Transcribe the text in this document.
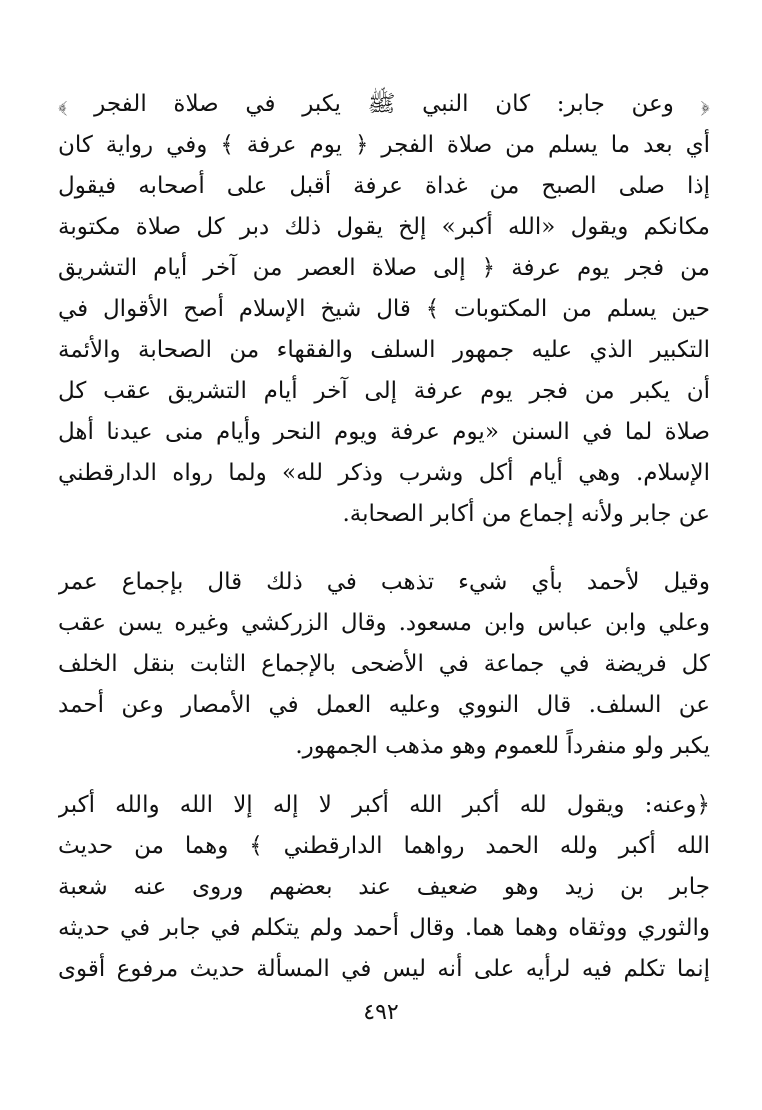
﴿ وعن جابر: كان النبي ﷺ يكبر في صلاة الفجر ﴾
أي بعد ما يسلم من صلاة الفجر ﴿ يوم عرفة ﴾ وفي رواية كان
إذا صلى الصبح من غداة عرفة أقبل على أصحابه فيقول
مكانكم ويقول «الله أكبر» إلخ يقول ذلك دبر كل صلاة مكتوبة
من فجر يوم عرفة ﴿ إلى صلاة العصر من آخر أيام التشريق
حين يسلم من المكتوبات ﴾ قال شيخ الإسلام أصح الأقوال في
التكبير الذي عليه جمهور السلف والفقهاء من الصحابة والأئمة
أن يكبر من فجر يوم عرفة إلى آخر أيام التشريق عقب كل
صلاة لما في السنن «يوم عرفة ويوم النحر وأيام منى عيدنا أهل
الإسلام. وهي أيام أكل وشرب وذكر لله» ولما رواه الدارقطني
عن جابر ولأنه إجماع من أكابر الصحابة.
وقيل لأحمد بأي شيء تذهب في ذلك قال بإجماع عمر
وعلي وابن عباس وابن مسعود. وقال الزركشي وغيره يسن عقب
كل فريضة في جماعة في الأضحى بالإجماع الثابت بنقل الخلف
عن السلف. قال النووي وعليه العمل في الأمصار وعن أحمد
يكبر ولو منفرداً للعموم وهو مذهب الجمهور.
﴿وعنه: ويقول لله أكبر الله أكبر لا إله إلا الله والله أكبر
الله أكبر ولله الحمد رواهما الدارقطني ﴾ وهما من حديث
جابر بن زيد وهو ضعيف عند بعضهم وروى عنه شعبة
والثوري ووثقاه وهما هما. وقال أحمد ولم يتكلم في جابر في حديثه
إنما تكلم فيه لرأيه على أنه ليس في المسألة حديث مرفوع أقوى
٤٩٢
